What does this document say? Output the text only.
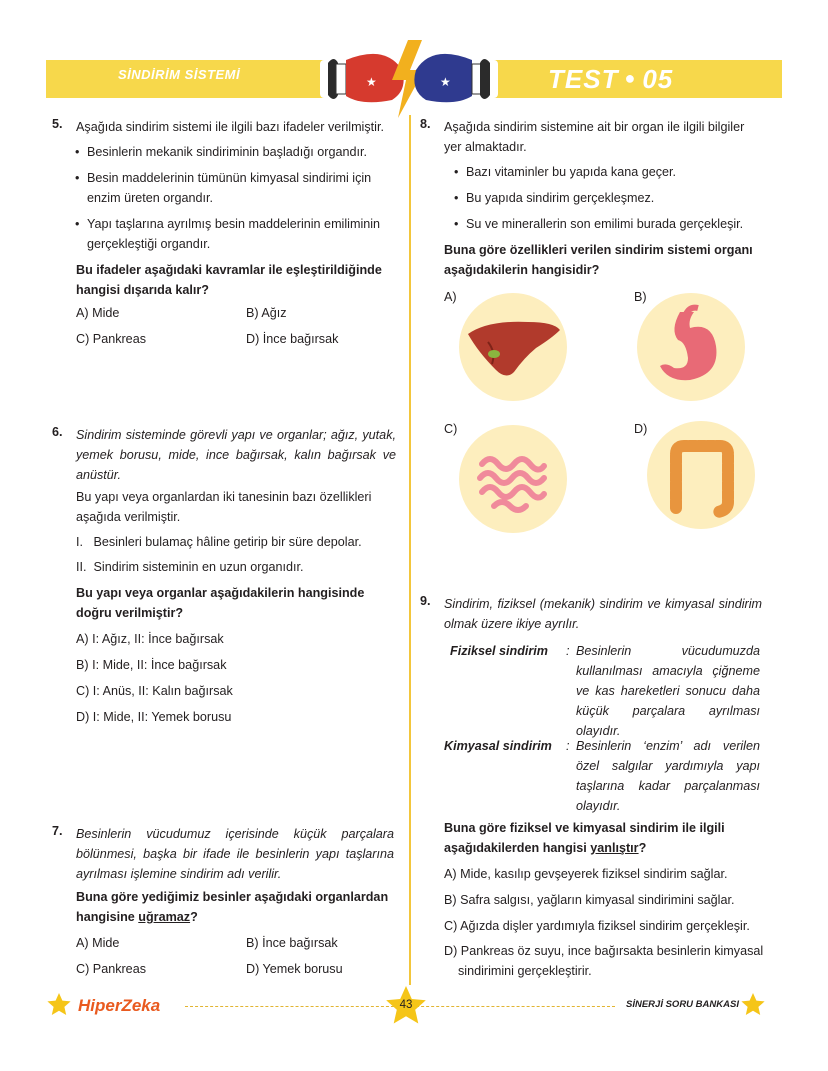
SİNDİRİM SİSTEMİ	TEST ● 05
★	★
5. Aşağıda sindirim sistemi ile ilgili bazı ifadeler verilmiştir.
• Besinlerin mekanik sindiriminin başladığı organdır.
• Besin maddelerinin tümünün kimyasal sindirimi için enzim üreten organdır.
• Yapı taşlarına ayrılmış besin maddelerinin emiliminin gerçekleştiği organdır.
Bu ifadeler aşağıdaki kavramlar ile eşleştirildiğinde hangisi dışarıda kalır?
A) Mide	B) Ağız
C) Pankreas	D) İnce bağırsak
6. Sindirim sisteminde görevli yapı ve organlar; ağız, yutak, yemek borusu, mide, ince bağırsak, kalın bağırsak ve anüstür.
Bu yapı veya organlardan iki tanesinin bazı özellikleri aşağıda verilmiştir.
I.   Besinleri bulamaç hâline getirip bir süre depolar.
II.  Sindirim sisteminin en uzun organıdır.
Bu yapı veya organlar aşağıdakilerin hangisinde doğru verilmiştir?
A) I: Ağız, II: İnce bağırsak
B) I: Mide, II: İnce bağırsak
C) I: Anüs, II: Kalın bağırsak
D) I: Mide, II: Yemek borusu
7. Besinlerin vücudumuz içerisinde küçük parçalara bölünmesi, başka bir ifade ile besinlerin yapı taşlarına ayrılması işlemine sindirim adı verilir.
Buna göre yediğimiz besinler aşağıdaki organlardan hangisine uğramaz?
A) Mide	B) İnce bağırsak
C) Pankreas	D) Yemek borusu
8. Aşağıda sindirim sistemine ait bir organ ile ilgili bilgiler yer almaktadır.
• Bazı vitaminler bu yapıda kana geçer.
• Bu yapıda sindirim gerçekleşmez.
• Su ve minerallerin son emilimi burada gerçekleşir.
Buna göre özellikleri verilen sindirim sistemi organı aşağıdakilerin hangisidir?
A)	B)
C)	D)
9. Sindirim, fiziksel (mekanik) sindirim ve kimyasal sindirim olmak üzere ikiye ayrılır.
Fiziksel sindirim : Besinlerin vücudumuzda kullanılması amacıyla çiğneme ve kas hareketleri sonucu daha küçük parçalara ayrılması olayıdır.
Kimyasal sindirim : Besinlerin ‘enzim’ adı verilen özel salgılar yardımıyla yapı taşlarına kadar parçalanması olayıdır.
Buna göre fiziksel ve kimyasal sindirim ile ilgili aşağıdakilerden hangisi yanlıştır?
A) Mide, kasılıp gevşeyerek fiziksel sindirim sağlar.
B) Safra salgısı, yağların kimyasal sindirimini sağlar.
C) Ağızda dişler yardımıyla fiziksel sindirim gerçekleşir.
D) Pankreas öz suyu, ince bağırsakta besinlerin kimyasal sindirimini gerçekleştirir.
HiperZeka	43	SİNERJİ SORU BANKASI
